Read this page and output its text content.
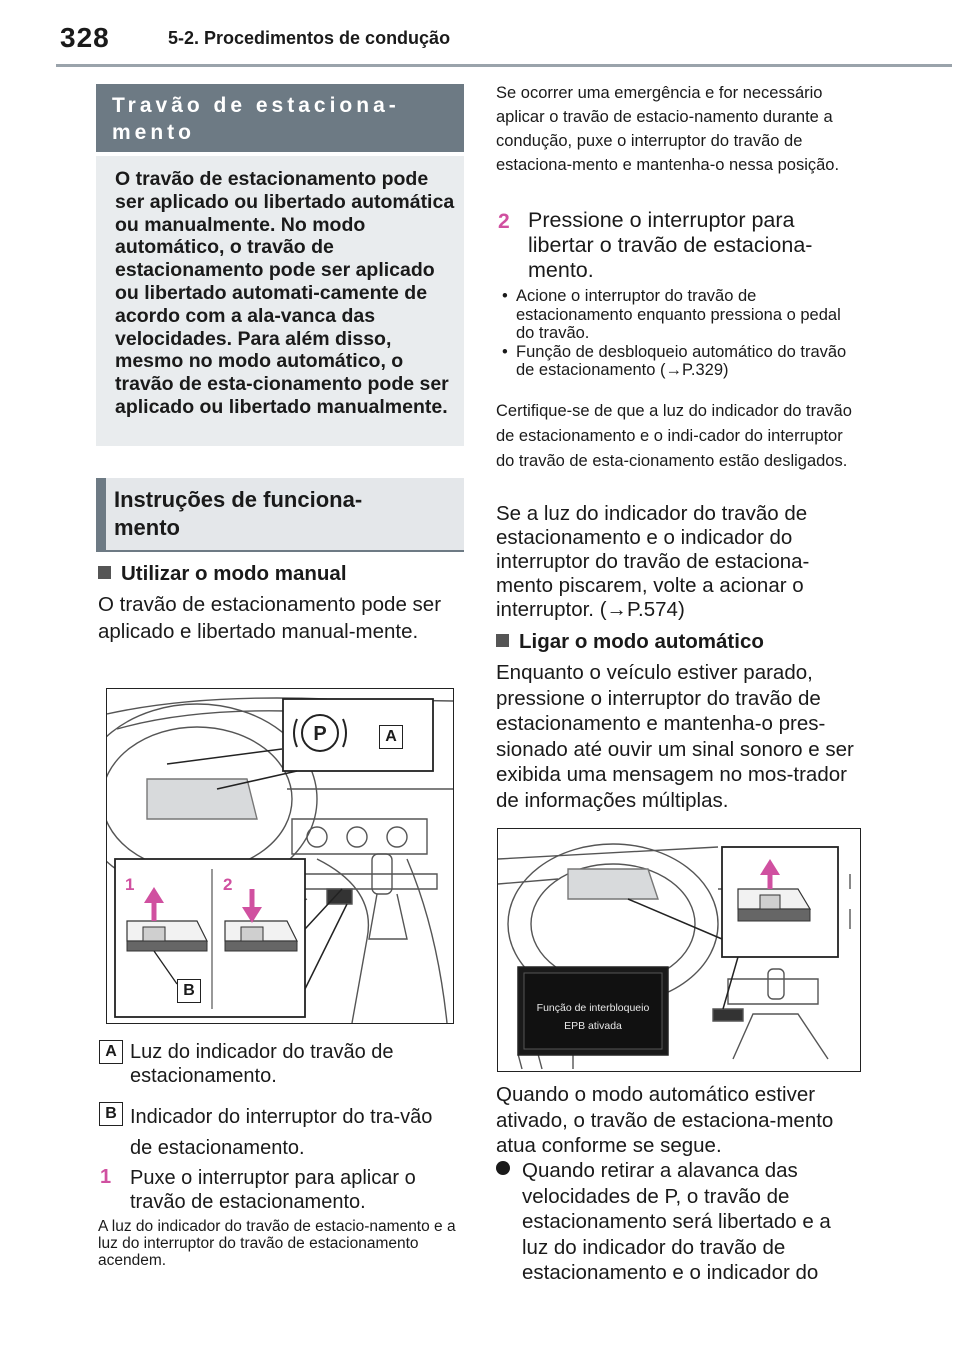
328	5-2. Procedimentos de condução
Travão de estaciona-
mento
O travão de estacionamento pode ser aplicado ou libertado automática ou manualmente. No modo automático, o travão de estacionamento pode ser aplicado ou libertado automati-camente de acordo com a ala-vanca das velocidades. Para além disso, mesmo no modo automático, o travão de esta-cionamento pode ser aplicado ou libertado manualmente.
Instruções de funciona-
mento
Utilizar o modo manual
O travão de estacionamento pode ser aplicado e libertado manual-mente.
P	A
B
1	2
A Luz do indicador do travão de estacionamento.
B Indicador do interruptor do tra-vão de estacionamento.
1 Puxe o interruptor para aplicar o travão de estacionamento.
A luz do indicador do travão de estacio-namento e a luz do interruptor do travão de estacionamento acendem.
Se ocorrer uma emergência e for necessário aplicar o travão de estacio-namento durante a condução, puxe o interruptor do travão de estaciona-mento e mantenha-o nessa posição.
2 Pressione o interruptor para libertar o travão de estaciona-mento.
• Acione o interruptor do travão de estacionamento enquanto pressiona o pedal do travão.
• Função de desbloqueio automático do travão de estacionamento (→P.329)
Certifique-se de que a luz do indicador do travão de estacionamento e o indi-cador do interruptor do travão de esta-cionamento estão desligados.
Se a luz do indicador do travão de estacionamento e o indicador do interruptor do travão de estaciona-mento piscarem, volte a acionar o interruptor. (→P.574)
Ligar o modo automático
Enquanto o veículo estiver parado, pressione o interruptor do travão de estacionamento e mantenha-o pres-sionado até ouvir um sinal sonoro e ser exibida uma mensagem no mos-trador de informações múltiplas.
Função de interbloqueio
EPB ativada
Quando o modo automático estiver ativado, o travão de estaciona-mento atua conforme se segue.
Quando retirar a alavanca das velocidades de P, o travão de estacionamento será libertado e a luz do indicador do travão de estacionamento e o indicador do
